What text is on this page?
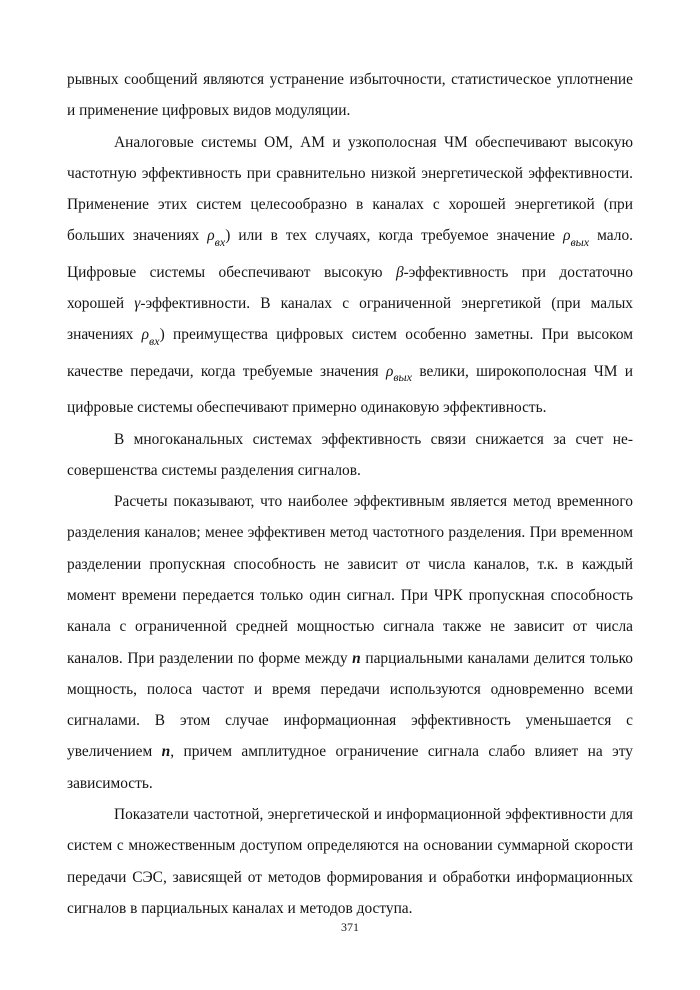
рывных сообщений являются устранение избыточности, статистическое уплотнение и применение цифровых видов модуляции.

Аналоговые системы ОМ, АМ и узкополосная ЧМ обеспечивают высокую частотную эффективность при сравнительно низкой энергетической эффективности. Применение этих систем целесообразно в каналах с хорошей энергетикой (при больших значениях $\rho_{вх}$) или в тех случаях, когда требуемое значение $\rho_{вых}$ мало. Цифровые системы обеспечивают высокую β-эффективность при достаточно хорошей γ-эффективности. В каналах с ограниченной энергетикой (при малых значениях $\rho_{вх}$) преимущества цифровых систем особенно заметны. При высоком качестве передачи, когда требуемые значения $\rho_{вых}$ велики, широкополосная ЧМ и цифровые системы обеспечивают примерно одинаковую эффективность.

В многоканальных системах эффективность связи снижается за счет несовершенства системы разделения сигналов.

Расчеты показывают, что наиболее эффективным является метод временного разделения каналов; менее эффективен метод частотного разделения. При временном разделении пропускная способность не зависит от числа каналов, т.к. в каждый момент времени передается только один сигнал. При ЧРК пропускная способность канала с ограниченной средней мощностью сигнала также не зависит от числа каналов. При разделении по форме между n парциальными каналами делится только мощность, полоса частот и время передачи используются одновременно всеми сигналами. В этом случае информационная эффективность уменьшается с увеличением n, причем амплитудное ограничение сигнала слабо влияет на эту зависимость.

Показатели частотной, энергетической и информационной эффективности для систем с множественным доступом определяются на основании суммарной скорости передачи СЭС, зависящей от методов формирования и обработки информационных сигналов в парциальных каналах и методов доступа.

371
